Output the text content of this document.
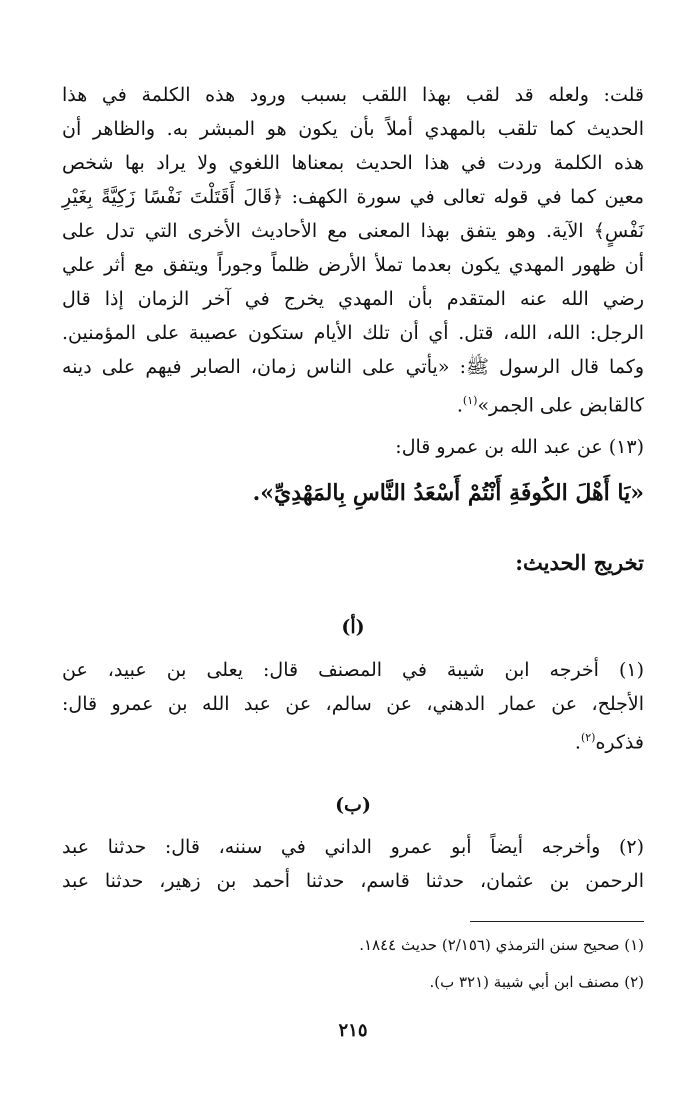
قلت: ولعله قد لقب بهذا اللقب بسبب ورود هذه الكلمة في هذا
الحديث كما تلقب بالمهدي أملاً بأن يكون هو المبشر به. والظاهر أن
هذه الكلمة وردت في هذا الحديث بمعناها اللغوي ولا يراد بها شخص
معين كما في قوله تعالى في سورة الكهف: ﴿قَالَ أَقَتَلْتَ نَفْسًا زَكِيَّةً بِغَيْرِ
نَفْسٍ﴾ الآية. وهو يتفق بهذا المعنى مع الأحاديث الأخرى التي تدل على
أن ظهور المهدي يكون بعدما تملأ الأرض ظلماً وجوراً ويتفق مع أثر علي
رضي الله عنه المتقدم بأن المهدي يخرج في آخر الزمان إذا قال
الرجل: الله، الله، قتل. أي أن تلك الأيام ستكون عصيبة على المؤمنين.
وكما قال الرسول ﷺ: «يأتي على الناس زمان، الصابر فيهم على دينه
كالقابض على الجمر»$^{(١)}$.
(١٣) عن عبد الله بن عمرو قال:
«يَا أَهْلَ الكُوفَةِ أَنْتُمْ أَسْعَدُ النَّاسِ بِالمَهْدِيِّ».
تخريج الحديث:
(أ)
(١) أخرجه ابن شيبة في المصنف قال: يعلى بن عبيد، عن
الأجلح، عن عمار الدهني، عن سالم، عن عبد الله بن عمرو قال:
فذكره$^{(٢)}$.
(ب)
(٢) وأخرجه أيضاً أبو عمرو الداني في سننه، قال: حدثنا عبد
الرحمن بن عثمان، حدثنا قاسم، حدثنا أحمد بن زهير، حدثنا عبد
(١) صحيح سنن الترمذي (٢/١٥٦) حديث ١٨٤٤.
(٢) مصنف ابن أبي شيبة (٣٢١ ب).
٢١٥
